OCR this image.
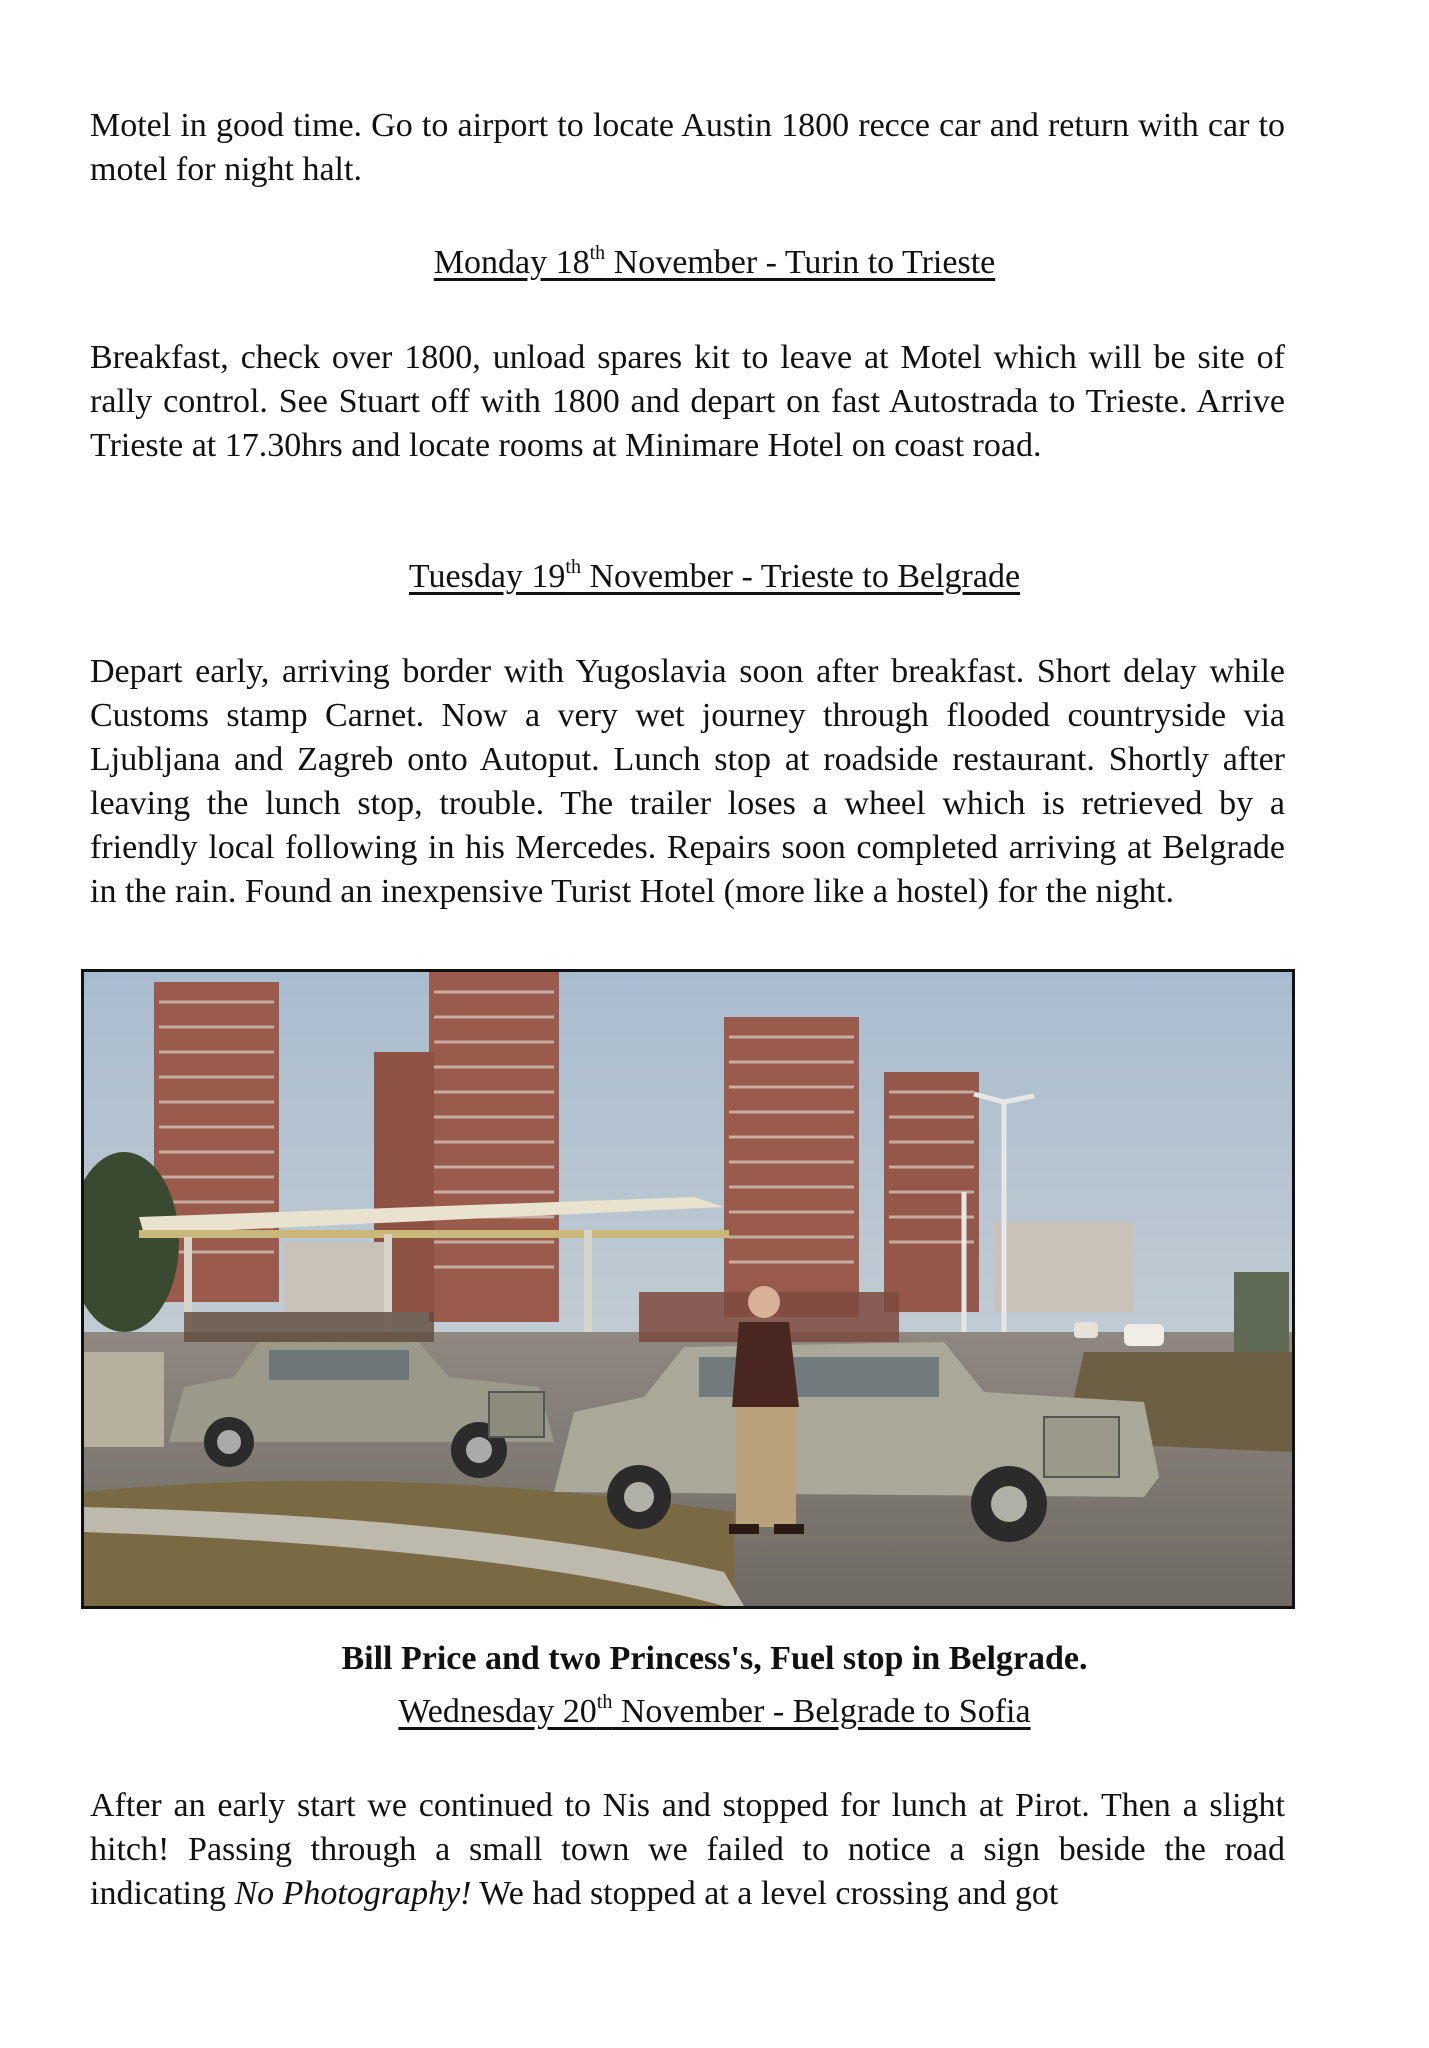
Motel in good time. Go to airport to locate Austin 1800 recce car and return with car to motel for night halt.

Monday 18th November - Turin to Trieste

Breakfast, check over 1800, unload spares kit to leave at Motel which will be site of rally control. See Stuart off with 1800 and depart on fast Autostrada to Trieste. Arrive Trieste at 17.30hrs and locate rooms at Minimare Hotel on coast road.

Tuesday 19th November - Trieste to Belgrade

Depart early, arriving border with Yugoslavia soon after breakfast. Short delay while Customs stamp Carnet. Now a very wet journey through flooded countryside via Ljubljana and Zagreb onto Autoput. Lunch stop at roadside restaurant. Shortly after leaving the lunch stop, trouble. The trailer loses a wheel which is retrieved by a friendly local following in his Mercedes. Repairs soon completed arriving at Belgrade in the rain. Found an inexpensive Turist Hotel (more like a hostel) for the night.

Bill Price and two Princess's, Fuel stop in Belgrade.

Wednesday 20th November - Belgrade to Sofia

After an early start we continued to Nis and stopped for lunch at Pirot. Then a slight hitch! Passing through a small town we failed to notice a sign beside the road indicating No Photography! We had stopped at a level crossing and got
